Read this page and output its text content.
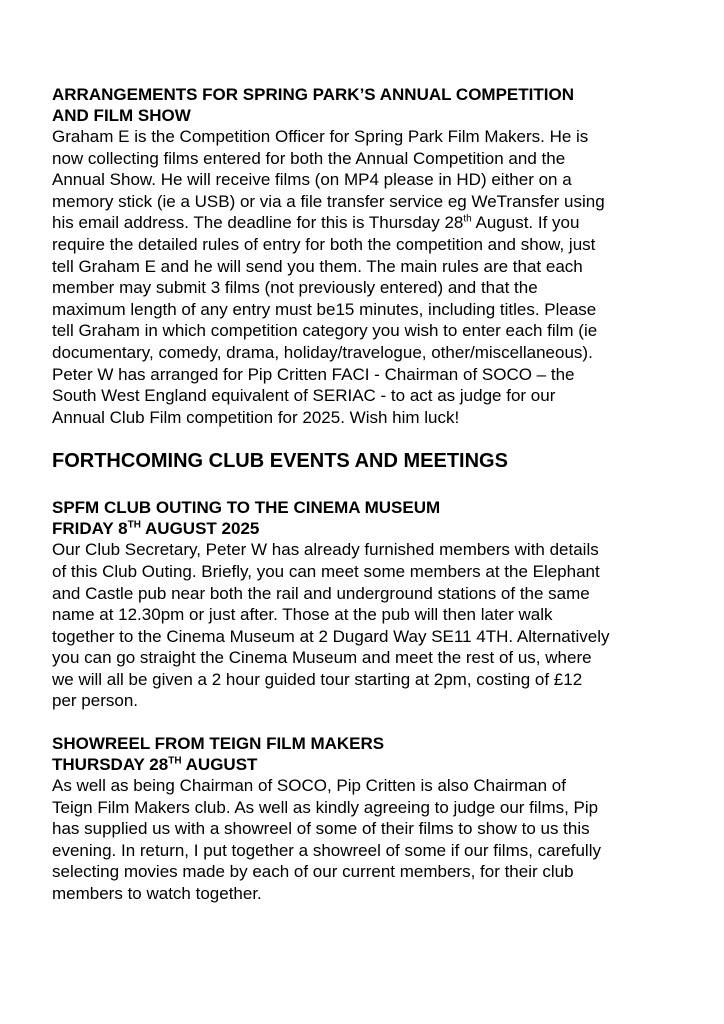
ARRANGEMENTS FOR SPRING PARK’S ANNUAL COMPETITION
AND FILM SHOW

Graham E is the Competition Officer for Spring Park Film Makers. He is
now collecting films entered for both the Annual Competition and the
Annual Show. He will receive films (on MP4 please in HD) either on a
memory stick (ie a USB) or via a file transfer service eg WeTransfer using
his email address. The deadline for this is Thursday 28th August. If you
require the detailed rules of entry for both the competition and show, just
tell Graham E and he will send you them. The main rules are that each
member may submit 3 films (not previously entered) and that the
maximum length of any entry must be15 minutes, including titles. Please
tell Graham in which competition category you wish to enter each film (ie
documentary, comedy, drama, holiday/travelogue, other/miscellaneous).
Peter W has arranged for Pip Critten FACI - Chairman of SOCO – the
South West England equivalent of SERIAC - to act as judge for our
Annual Club Film competition for 2025. Wish him luck!

FORTHCOMING CLUB EVENTS AND MEETINGS
SPFM CLUB OUTING TO THE CINEMA MUSEUM
FRIDAY 8TH AUGUST 2025

Our Club Secretary, Peter W has already furnished members with details
of this Club Outing. Briefly, you can meet some members at the Elephant
and Castle pub near both the rail and underground stations of the same
name at 12.30pm or just after. Those at the pub will then later walk
together to the Cinema Museum at 2 Dugard Way SE11 4TH. Alternatively
you can go straight the Cinema Museum and meet the rest of us, where
we will all be given a 2 hour guided tour starting at 2pm, costing of £12
per person.

SHOWREEL FROM TEIGN FILM MAKERS
THURSDAY 28TH AUGUST

As well as being Chairman of SOCO, Pip Critten is also Chairman of
Teign Film Makers club. As well as kindly agreeing to judge our films, Pip
has supplied us with a showreel of some of their films to show to us this
evening. In return, I put together a showreel of some if our films, carefully
selecting movies made by each of our current members, for their club
members to watch together.
